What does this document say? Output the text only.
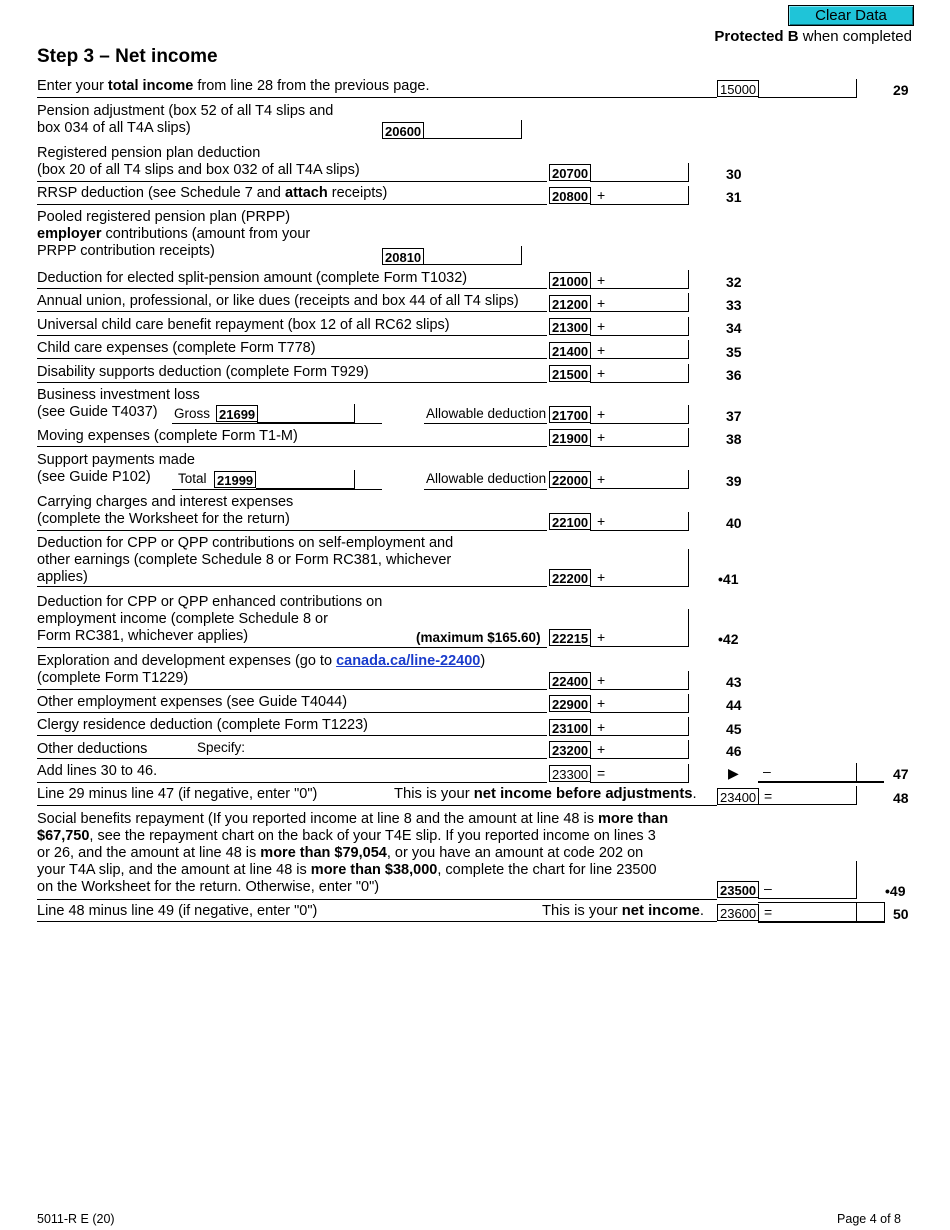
Clear Data
Protected B when completed
Step 3 – Net income
Enter your total income from line 28 from the previous page.	15000	29
Pension adjustment (box 52 of all T4 slips and
box 034 of all T4A slips)	20600
Registered pension plan deduction
(box 20 of all T4 slips and box 032 of all T4A slips)	20700	30
RRSP deduction (see Schedule 7 and attach receipts)	20800 +	31
Pooled registered pension plan (PRPP)
employer contributions (amount from your
PRPP contribution receipts)	20810
Deduction for elected split-pension amount (complete Form T1032)	21000 +	32
Annual union, professional, or like dues (receipts and box 44 of all T4 slips)	21200 +	33
Universal child care benefit repayment (box 12 of all RC62 slips)	21300 +	34
Child care expenses (complete Form T778)	21400 +	35
Disability supports deduction (complete Form T929)	21500 +	36
Business investment loss
(see Guide T4037) Gross 21699	Allowable deduction 21700 +	37
Moving expenses (complete Form T1-M)	21900 +	38
Support payments made
(see Guide P102) Total 21999	Allowable deduction 22000 +	39
Carrying charges and interest expenses
(complete the Worksheet for the return)	22100 +	40
Deduction for CPP or QPP contributions on self-employment and
other earnings (complete Schedule 8 or Form RC381, whichever
applies)	22200 +	•41
Deduction for CPP or QPP enhanced contributions on
employment income (complete Schedule 8 or
Form RC381, whichever applies)	(maximum $165.60) 22215 +	•42
Exploration and development expenses (go to canada.ca/line-22400)
(complete Form T1229)	22400 +	43
Other employment expenses (see Guide T4044)	22900 +	44
Clergy residence deduction (complete Form T1223)	23100 +	45
Other deductions	Specify:	23200 +	46
Add lines 30 to 46.	23300 =	▶ –	47
Line 29 minus line 47 (if negative, enter "0")	This is your net income before adjustments. 23400 =	48
Social benefits repayment (If you reported income at line 8 and the amount at line 48 is more than
$67,750, see the repayment chart on the back of your T4E slip. If you reported income on lines 3
or 26, and the amount at line 48 is more than $79,054, or you have an amount at code 202 on
your T4A slip, and the amount at line 48 is more than $38,000, complete the chart for line 23500
on the Worksheet for the return. Otherwise, enter "0")	23500 –	•49
Line 48 minus line 49 (if negative, enter "0")	This is your net income. 23600 =	50
5011-R E (20)	Page 4 of 8
